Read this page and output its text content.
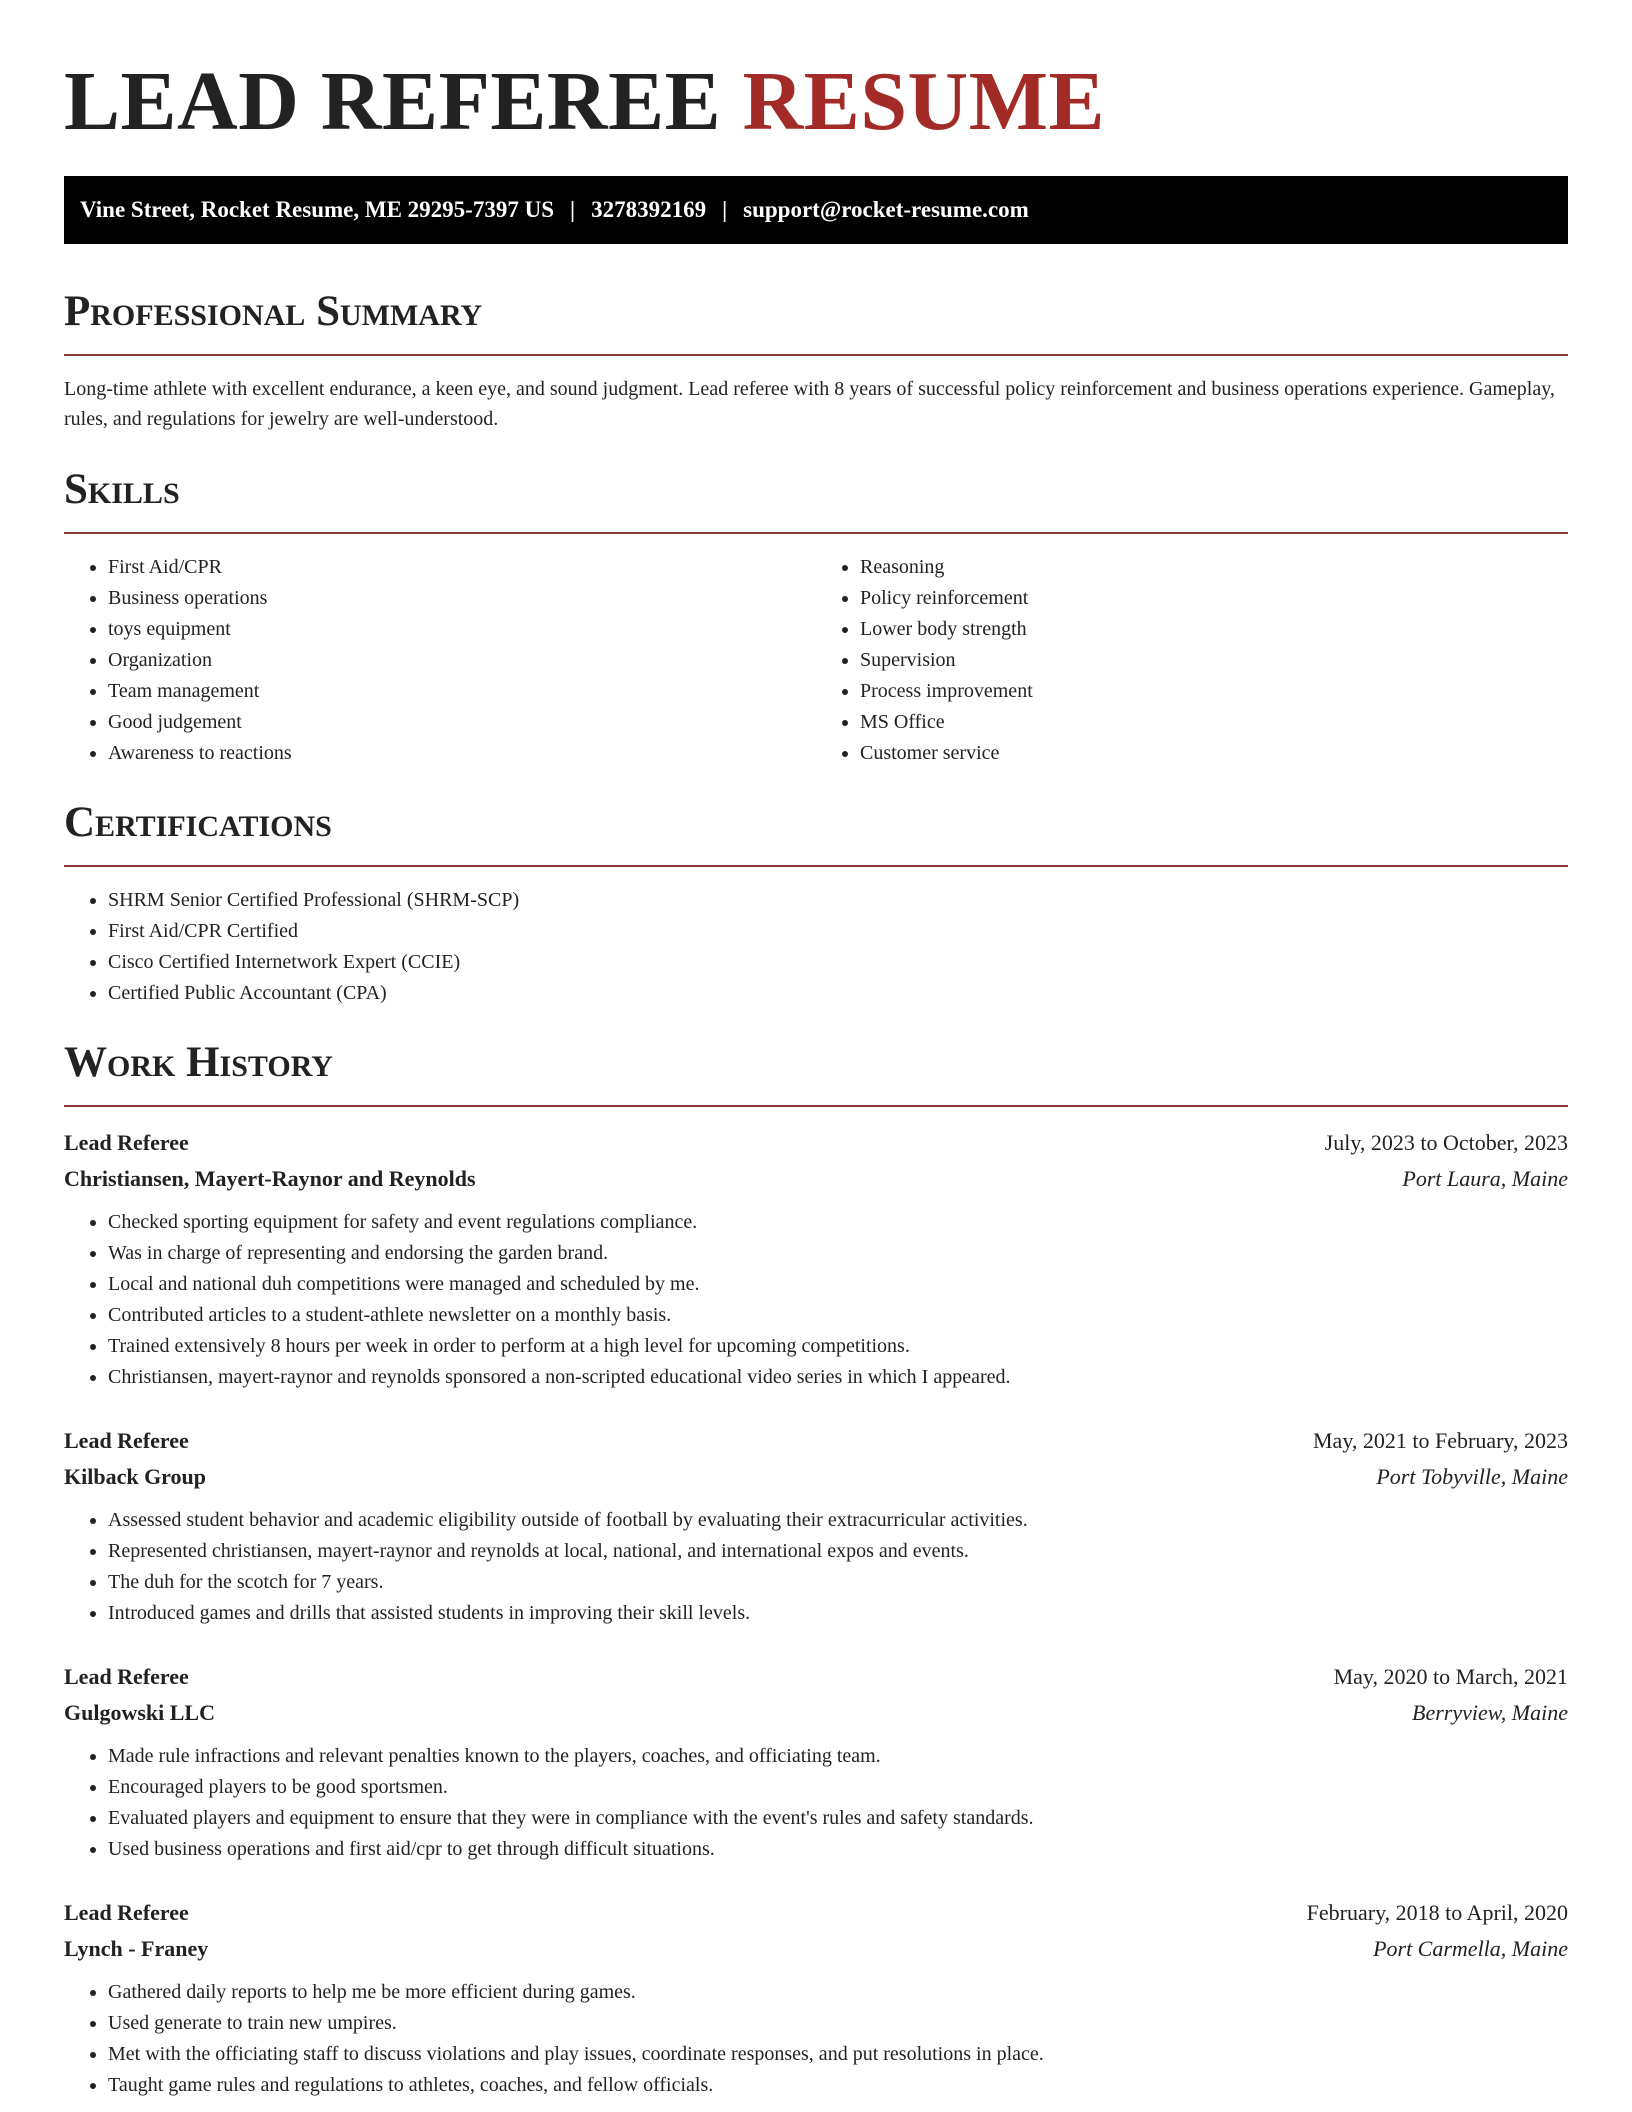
LEAD REFEREE RESUME
Vine Street, Rocket Resume, ME 29295-7397 US | 3278392169 | support@rocket-resume.com
Professional Summary

Long-time athlete with excellent endurance, a keen eye, and sound judgment. Lead referee with 8 years of successful policy reinforcement and business operations experience. Gameplay, rules, and regulations for jewelry are well-understood.

Skills
• First Aid/CPR
• Business operations
• toys equipment
• Organization
• Team management
• Good judgement
• Awareness to reactions
• Reasoning
• Policy reinforcement
• Lower body strength
• Supervision
• Process improvement
• MS Office
• Customer service
Certifications
• SHRM Senior Certified Professional (SHRM-SCP)
• First Aid/CPR Certified
• Cisco Certified Internetwork Expert (CCIE)
• Certified Public Accountant (CPA)
Work History
Lead Referee	July, 2023 to October, 2023
Christiansen, Mayert-Raynor and Reynolds	Port Laura, Maine
• Checked sporting equipment for safety and event regulations compliance.
• Was in charge of representing and endorsing the garden brand.
• Local and national duh competitions were managed and scheduled by me.
• Contributed articles to a student-athlete newsletter on a monthly basis.
• Trained extensively 8 hours per week in order to perform at a high level for upcoming competitions.
• Christiansen, mayert-raynor and reynolds sponsored a non-scripted educational video series in which I appeared.
Lead Referee	May, 2021 to February, 2023
Kilback Group	Port Tobyville, Maine
• Assessed student behavior and academic eligibility outside of football by evaluating their extracurricular activities.
• Represented christiansen, mayert-raynor and reynolds at local, national, and international expos and events.
• The duh for the scotch for 7 years.
• Introduced games and drills that assisted students in improving their skill levels.
Lead Referee	May, 2020 to March, 2021
Gulgowski LLC	Berryview, Maine
• Made rule infractions and relevant penalties known to the players, coaches, and officiating team.
• Encouraged players to be good sportsmen.
• Evaluated players and equipment to ensure that they were in compliance with the event's rules and safety standards.
• Used business operations and first aid/cpr to get through difficult situations.
Lead Referee	February, 2018 to April, 2020
Lynch - Franey	Port Carmella, Maine
• Gathered daily reports to help me be more efficient during games.
• Used generate to train new umpires.
• Met with the officiating staff to discuss violations and play issues, coordinate responses, and put resolutions in place.
• Taught game rules and regulations to athletes, coaches, and fellow officials.
